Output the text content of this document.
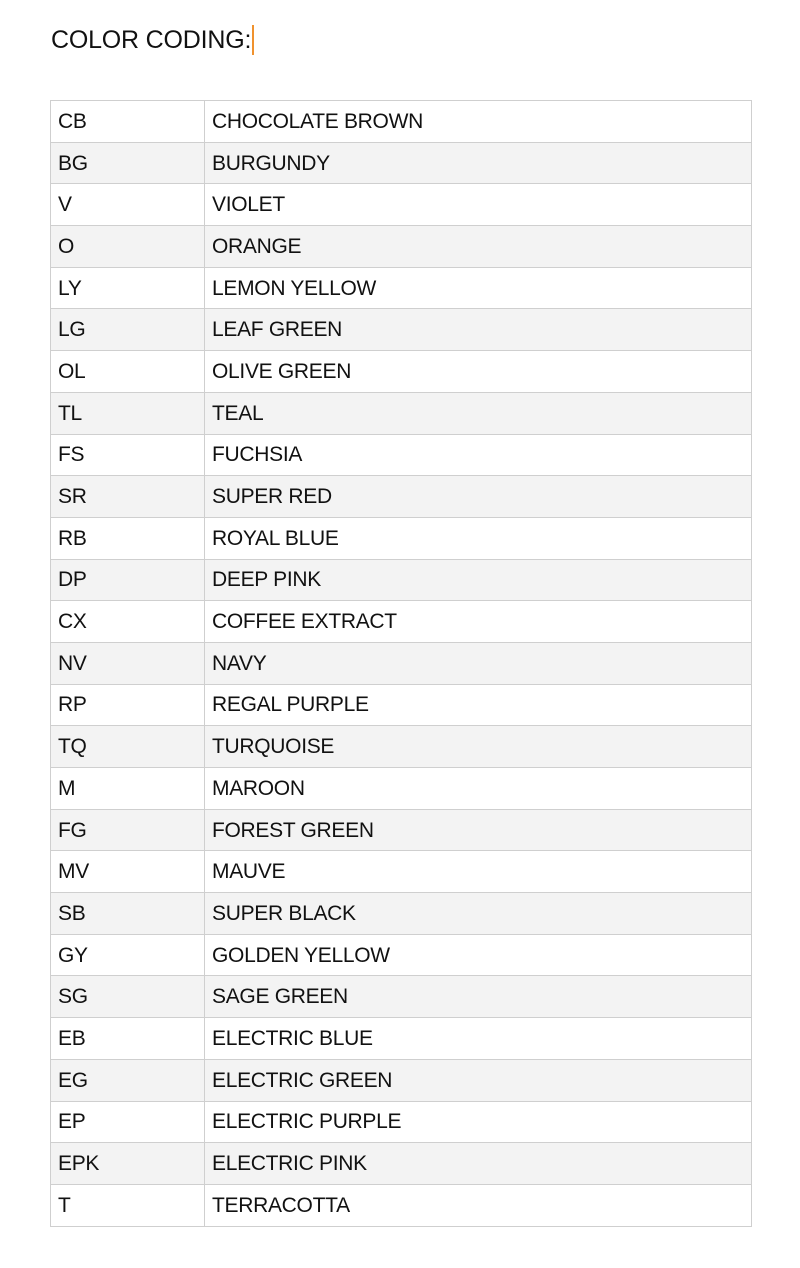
COLOR CODING:
CB	CHOCOLATE BROWN
BG	BURGUNDY
V	VIOLET
O	ORANGE
LY	LEMON YELLOW
LG	LEAF GREEN
OL	OLIVE GREEN
TL	TEAL
FS	FUCHSIA
SR	SUPER RED
RB	ROYAL BLUE
DP	DEEP PINK
CX	COFFEE EXTRACT
NV	NAVY
RP	REGAL PURPLE
TQ	TURQUOISE
M	MAROON
FG	FOREST GREEN
MV	MAUVE
SB	SUPER BLACK
GY	GOLDEN YELLOW
SG	SAGE GREEN
EB	ELECTRIC BLUE
EG	ELECTRIC GREEN
EP	ELECTRIC PURPLE
EPK	ELECTRIC PINK
T	TERRACOTTA
